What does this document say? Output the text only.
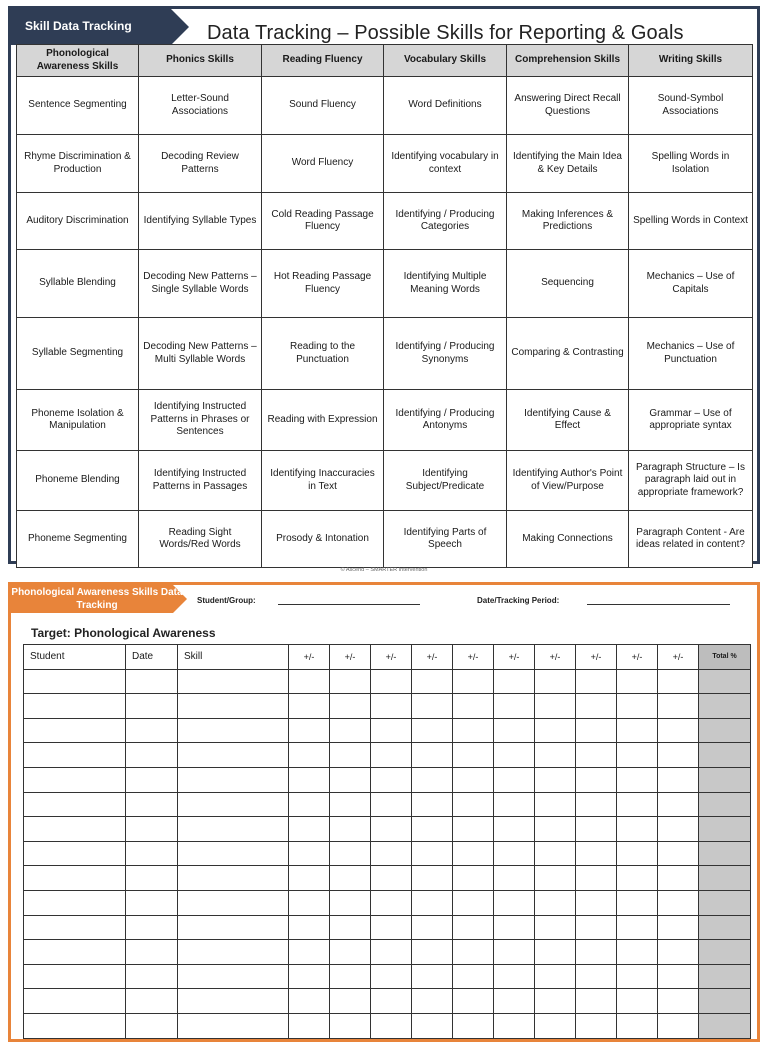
Skill Data Tracking	Data Tracking – Possible Skills for Reporting & Goals
Phonological Awareness Skills	Phonics Skills	Reading Fluency	Vocabulary Skills	Comprehension Skills	Writing Skills
Sentence Segmenting	Letter-Sound Associations	Sound Fluency	Word Definitions	Answering Direct Recall Questions	Sound-Symbol Associations
Rhyme Discrimination & Production	Decoding Review Patterns	Word Fluency	Identifying vocabulary in context	Identifying the Main Idea & Key Details	Spelling Words in Isolation
Auditory Discrimination	Identifying Syllable Types	Cold Reading Passage Fluency	Identifying / Producing Categories	Making Inferences & Predictions	Spelling Words in Context
Syllable Blending	Decoding New Patterns – Single Syllable Words	Hot Reading Passage Fluency	Identifying Multiple Meaning Words	Sequencing	Mechanics – Use of Capitals
Syllable Segmenting	Decoding New Patterns – Multi Syllable Words	Reading to the Punctuation	Identifying / Producing Synonyms	Comparing & Contrasting	Mechanics – Use of Punctuation
Phoneme Isolation & Manipulation	Identifying Instructed Patterns in Phrases or Sentences	Reading with Expression	Identifying / Producing Antonyms	Identifying Cause & Effect	Grammar – Use of appropriate syntax
Phoneme Blending	Identifying Instructed Patterns in Passages	Identifying Inaccuracies in Text	Identifying Subject/Predicate	Identifying Author's Point of View/Purpose	Paragraph Structure – Is paragraph laid out in appropriate framework?
Phoneme Segmenting	Reading Sight Words/Red Words	Prosody & Intonation	Identifying Parts of Speech	Making Connections	Paragraph Content - Are ideas related in content?
© Ascend – SMARTER Intervention
Phonological Awareness Skills Data Tracking	Student/Group:	Date/Tracking Period:
Target: Phonological Awareness
Student	Date	Skill	+/-	+/-	+/-	+/-	+/-	+/-	+/-	+/-	+/-	+/-	Total %
